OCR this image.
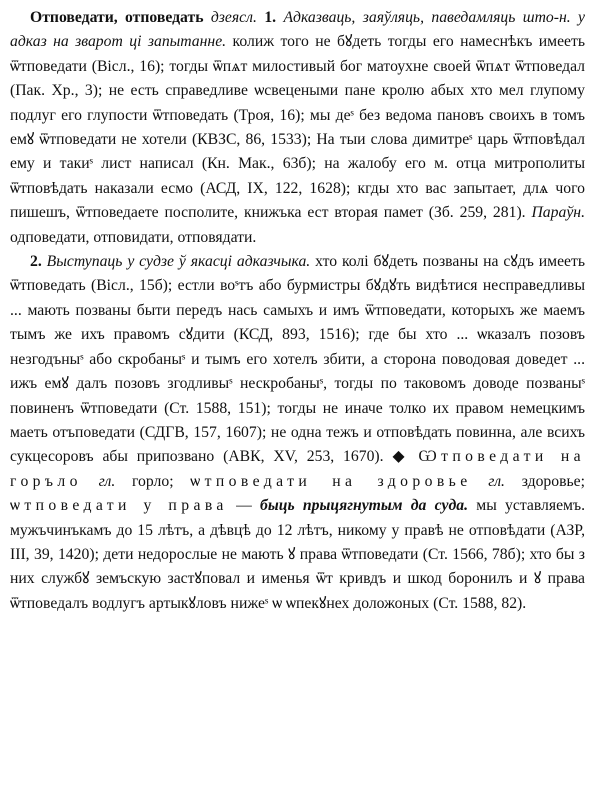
Отповедати, отповедать дзеясл. 1. Адказваць, заяўляць, паведамляць што-н. у адказ на зварот ці запытанне. колиж того не бꙋдеть тогды его намеснѣкъ имееть ѿтповедати (Вісл., 16); тогды ѿпѧт милостивый бог матоухне своей ѿпѧт ѿтповедал (Пак. Хр., 3); не есть справедливе ѡсвецеными пане кролю абых хто мел глупому подлуг его глупости ѿтповедать (Троя, 16); мы деˢ без ведома пановъ своихъ в томъ емꙋ ѿтповедати не хотели (КВЗС, 86, 1533); На тыи слова димитреˢ царь ѿтповѣдал ему и такиˢ лист написал (Кн. Мак., 63б); на жалобу его м. отца митрополиты ѿтповѣдать наказали есмо (АСД, IX, 122, 1628); кгды хто вас запытает, длѧ чого пишешъ, ѿтповедаете посполите, книжъка ест вторая памет (Зб. 259, 281). Параўн. одповедати, отповидати, отповядати.

2. Выступаць у судзе ў якасці адказчыка. хто колі бꙋдеть позваны на сꙋдъ имееть ѿтповедать (Вісл., 15б); естли воˢтъ або бурмистры бꙋдꙋть видѣтися несправедливы ... мають позваны быти передъ нась самыхъ и имъ ѿтповедати, которыхъ же маемъ тымъ же ихъ правомъ сꙋдити (КСД, 893, 1516); где бы хто ... ѡказалъ позовъ незгодъныˢ або скробаныˢ и тымъ его хотелъ збити, а сторона поводовая доведет ... ижъ емꙋ далъ позовъ згодливыˢ нескробаныˢ, тогды по таковомъ доводе позваныˢ повиненъ ѿтповедати (Ст. 1588, 151); тогды не иначе толко их правом немецкимъ маеть отъповедати (СДГВ, 157, 1607); не одна тежъ и отповѣдать повинна, але всихъ сукцесоровъ абы припозвано (АВК, XV, 253, 1670). ◆ Ѡтповедати на горъло гл. горло; ѡтповедати на здоровье гл. здоровье; ѡтповедати у права — быць прыцягнутым да суда. мы уставляемъ. мужъчинъкамъ до 15 лѣтъ, а дѣвцѣ до 12 лѣтъ, никому у правѣ не отповѣдати (АЗР, III, 39, 1420); дети недорослые не мають ꙋ права ѿтповедати (Ст. 1566, 78б); хто бы з них службꙋ земъскую застꙋповал и именья ѿт кривдъ и шкод боронилъ и ꙋ права ѿтповедалъ водлугъ артыкꙋловъ нижеˢ ѡ ѡпекꙋнех доложоных (Ст. 1588, 82).
